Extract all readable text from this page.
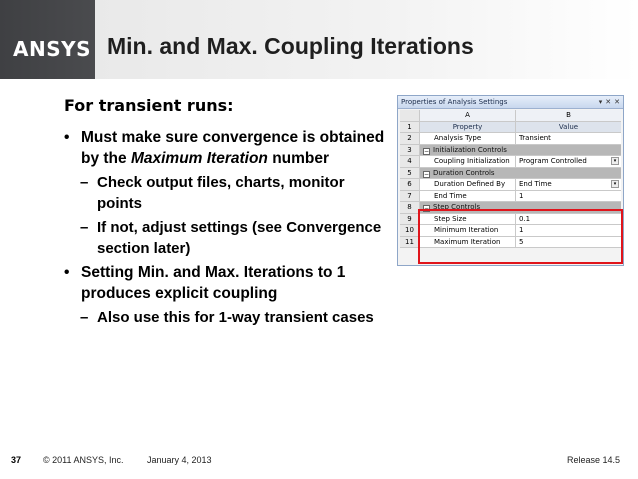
ANSYS Min. and Max. Coupling Iterations
For transient runs:
• Must make sure convergence is obtained
by the Maximum Iteration number
– Check output files, charts, monitor
points
– If not, adjust settings (see Convergence
section later)
• Setting Min. and Max. Iterations to 1
produces explicit coupling
– Also use this for 1-way transient cases
Properties of Analysis Settings	▾ ✕ ✕
A	B
1	Property	Value
2	Analysis Type	Transient
3	− Initialization Controls
4	Coupling Initialization	Program Controlled	▾
5	− Duration Controls
6	Duration Defined By	End Time	▾
7	End Time	1
8	− Step Controls
9	Step Size	0.1
10	Minimum Iteration	1
11	Maximum Iteration	5
37 © 2011 ANSYS, Inc.	January 4, 2013	Release 14.5
